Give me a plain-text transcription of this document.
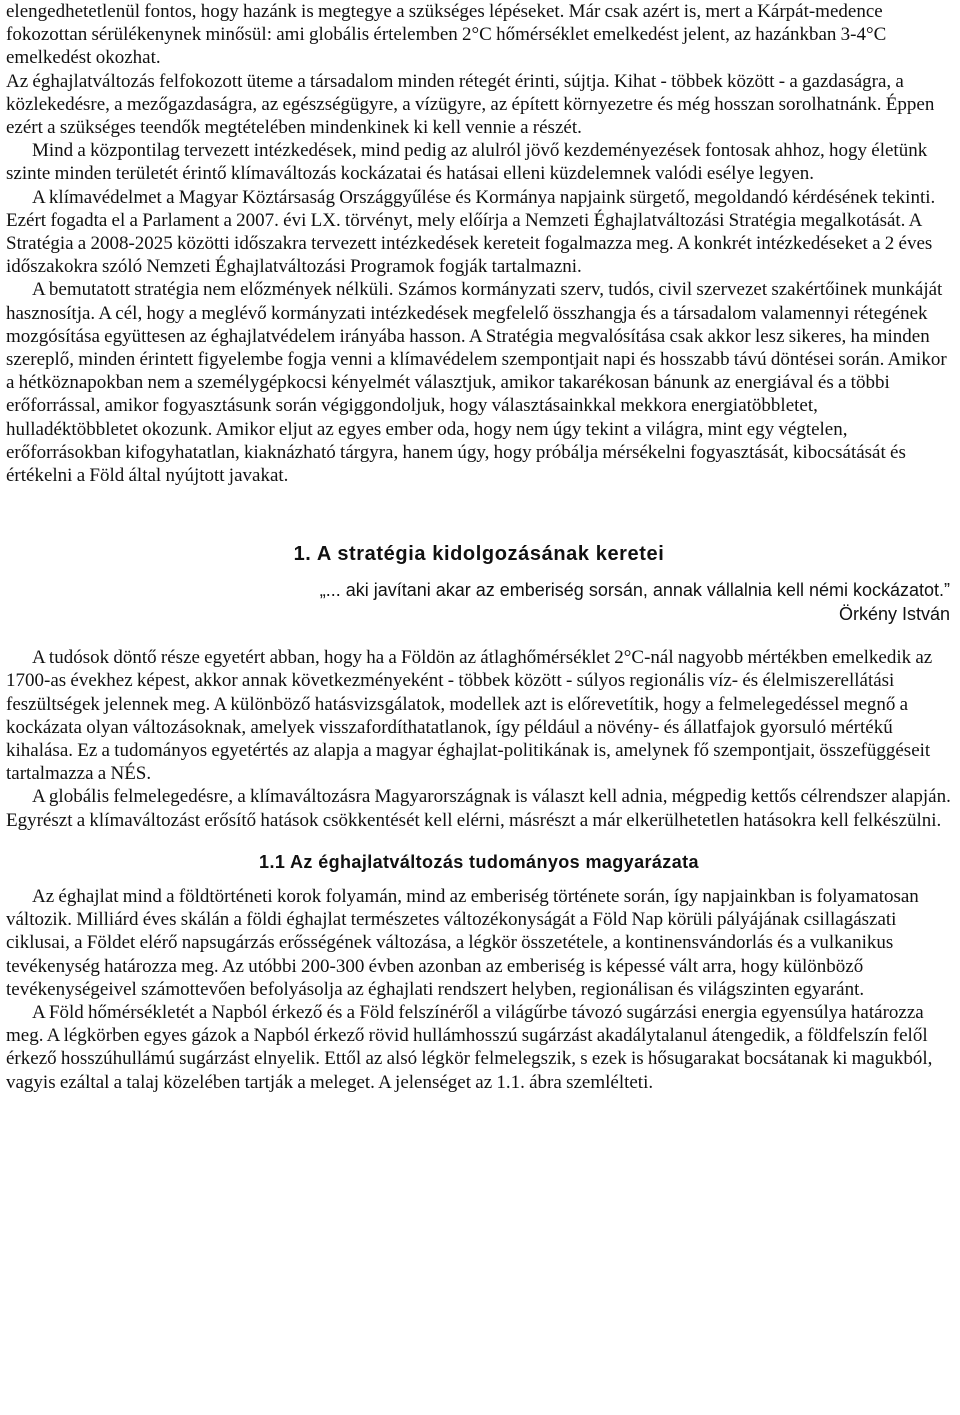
elengedhetetlenül fontos, hogy hazánk is megtegye a szükséges lépéseket. Már csak azért is, mert a Kárpát-medence fokozottan sérülékenynek minősül: ami globális értelemben 2°C hőmérséklet emelkedést jelent, az hazánkban 3-4°C emelkedést okozhat.

Az éghajlatváltozás felfokozott üteme a társadalom minden rétegét érinti, sújtja. Kihat - többek között - a gazdaságra, a közlekedésre, a mezőgazdaságra, az egészségügyre, a vízügyre, az épített környezetre és még hosszan sorolhatnánk. Éppen ezért a szükséges teendők megtételében mindenkinek ki kell vennie a részét.

Mind a központilag tervezett intézkedések, mind pedig az alulról jövő kezdeményezések fontosak ahhoz, hogy életünk szinte minden területét érintő klímaváltozás kockázatai és hatásai elleni küzdelemnek valódi esélye legyen.

A klímavédelmet a Magyar Köztársaság Országgyűlése és Kormánya napjaink sürgető, megoldandó kérdésének tekinti. Ezért fogadta el a Parlament a 2007. évi LX. törvényt, mely előírja a Nemzeti Éghajlatváltozási Stratégia megalkotását. A Stratégia a 2008-2025 közötti időszakra tervezett intézkedések kereteit fogalmazza meg. A konkrét intézkedéseket a 2 éves időszakokra szóló Nemzeti Éghajlatváltozási Programok fogják tartalmazni.

A bemutatott stratégia nem előzmények nélküli. Számos kormányzati szerv, tudós, civil szervezet szakértőinek munkáját hasznosítja. A cél, hogy a meglévő kormányzati intézkedések megfelelő összhangja és a társadalom valamennyi rétegének mozgósítása együttesen az éghajlatvédelem irányába hasson. A Stratégia megvalósítása csak akkor lesz sikeres, ha minden szereplő, minden érintett figyelembe fogja venni a klímavédelem szempontjait napi és hosszabb távú döntései során. Amikor a hétköznapokban nem a személygépkocsi kényelmét választjuk, amikor takarékosan bánunk az energiával és a többi erőforrással, amikor fogyasztásunk során végiggondoljuk, hogy választásainkkal mekkora energiatöbbletet, hulladéktöbbletet okozunk. Amikor eljut az egyes ember oda, hogy nem úgy tekint a világra, mint egy végtelen, erőforrásokban kifogyhatatlan, kiaknázható tárgyra, hanem úgy, hogy próbálja mérsékelni fogyasztását, kibocsátását és értékelni a Föld által nyújtott javakat.

1. A stratégia kidolgozásának keretei
„... aki javítani akar az emberiség sorsán, annak vállalnia kell némi kockázatot.”
Örkény István

A tudósok döntő része egyetért abban, hogy ha a Földön az átlaghőmérséklet 2°C-nál nagyobb mértékben emelkedik az 1700-as évekhez képest, akkor annak következményeként - többek között - súlyos regionális víz- és élelmiszerellátási feszültségek jelennek meg. A különböző hatásvizsgálatok, modellek azt is előrevetítik, hogy a felmelegedéssel megnő a kockázata olyan változásoknak, amelyek visszafordíthatatlanok, így például a növény- és állatfajok gyorsuló mértékű kihalása. Ez a tudományos egyetértés az alapja a magyar éghajlat-politikának is, amelynek fő szempontjait, összefüggéseit tartalmazza a NÉS.

A globális felmelegedésre, a klímaváltozásra Magyarországnak is választ kell adnia, mégpedig kettős célrendszer alapján. Egyrészt a klímaváltozást erősítő hatások csökkentését kell elérni, másrészt a már elkerülhetetlen hatásokra kell felkészülni.

1.1 Az éghajlatváltozás tudományos magyarázata

Az éghajlat mind a földtörténeti korok folyamán, mind az emberiség története során, így napjainkban is folyamatosan változik. Milliárd éves skálán a földi éghajlat természetes változékonyságát a Föld Nap körüli pályájának csillagászati ciklusai, a Földet elérő napsugárzás erősségének változása, a légkör összetétele, a kontinensvándorlás és a vulkanikus tevékenység határozza meg. Az utóbbi 200-300 évben azonban az emberiség is képessé vált arra, hogy különböző tevékenységeivel számottevően befolyásolja az éghajlati rendszert helyben, regionálisan és világszinten egyaránt.

A Föld hőmérsékletét a Napból érkező és a Föld felszínéről a világűrbe távozó sugárzási energia egyensúlya határozza meg. A légkörben egyes gázok a Napból érkező rövid hullámhosszú sugárzást akadálytalanul átengedik, a földfelszín felől érkező hosszúhullámú sugárzást elnyelik. Ettől az alsó légkör felmelegszik, s ezek is hősugarakat bocsátanak ki magukból, vagyis ezáltal a talaj közelében tartják a meleget. A jelenséget az 1.1. ábra szemlélteti.
